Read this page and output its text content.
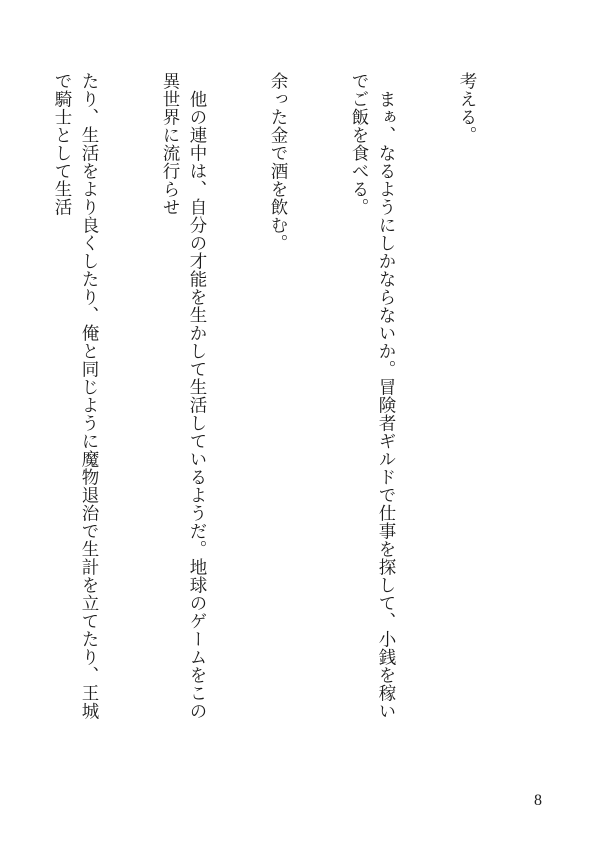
考える。

　まぁ、なるようにしかならないか。冒険者ギルドで仕事を探して、小銭を稼いでご飯を食べる。

余った金で酒を飲む。

　他の連中は、自分の才能を生かして生活しているようだ。地球のゲームをこの異世界に流行らせ

たり、生活をより良くしたり、俺と同じように魔物退治で生計を立てたり、王城で騎士として生活

8
